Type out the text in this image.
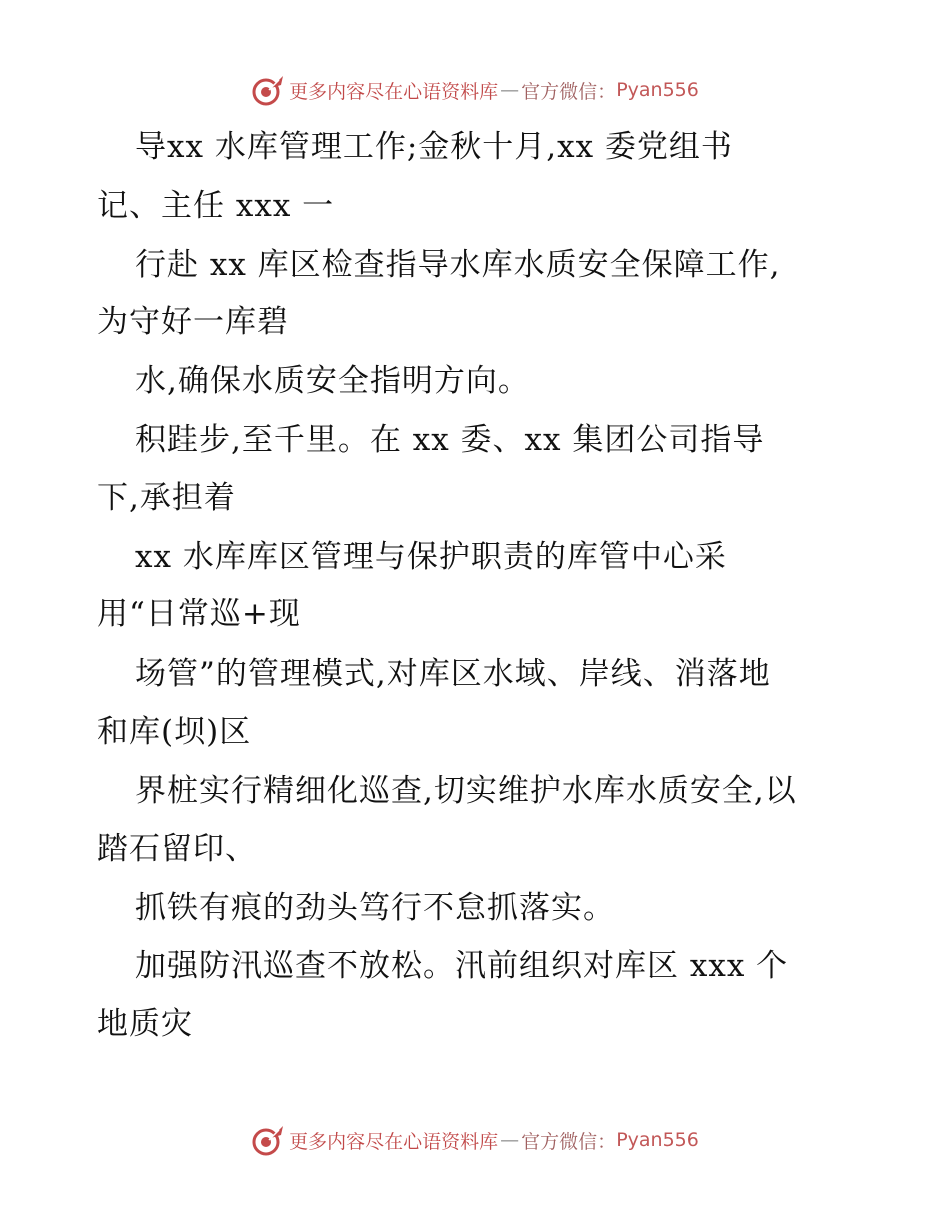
更多内容尽在心语资料库 — 官方微信： Pyan556
导xx 水库管理工作;金秋十月,xx 委党组书
记、主任 xxx 一
行赴 xx 库区检查指导水库水质安全保障工作,
为守好一库碧
水,确保水质安全指明方向。
积跬步,至千里。在 xx 委、xx 集团公司指导
下,承担着
xx 水库库区管理与保护职责的库管中心采
用“日常巡+现
场管”的管理模式,对库区水域、岸线、消落地
和库(坝)区
界桩实行精细化巡查,切实维护水库水质安全,以
踏石留印、
抓铁有痕的劲头笃行不怠抓落实。
加强防汛巡查不放松。汛前组织对库区 xxx 个
地质灾
更多内容尽在心语资料库 — 官方微信： Pyan556
